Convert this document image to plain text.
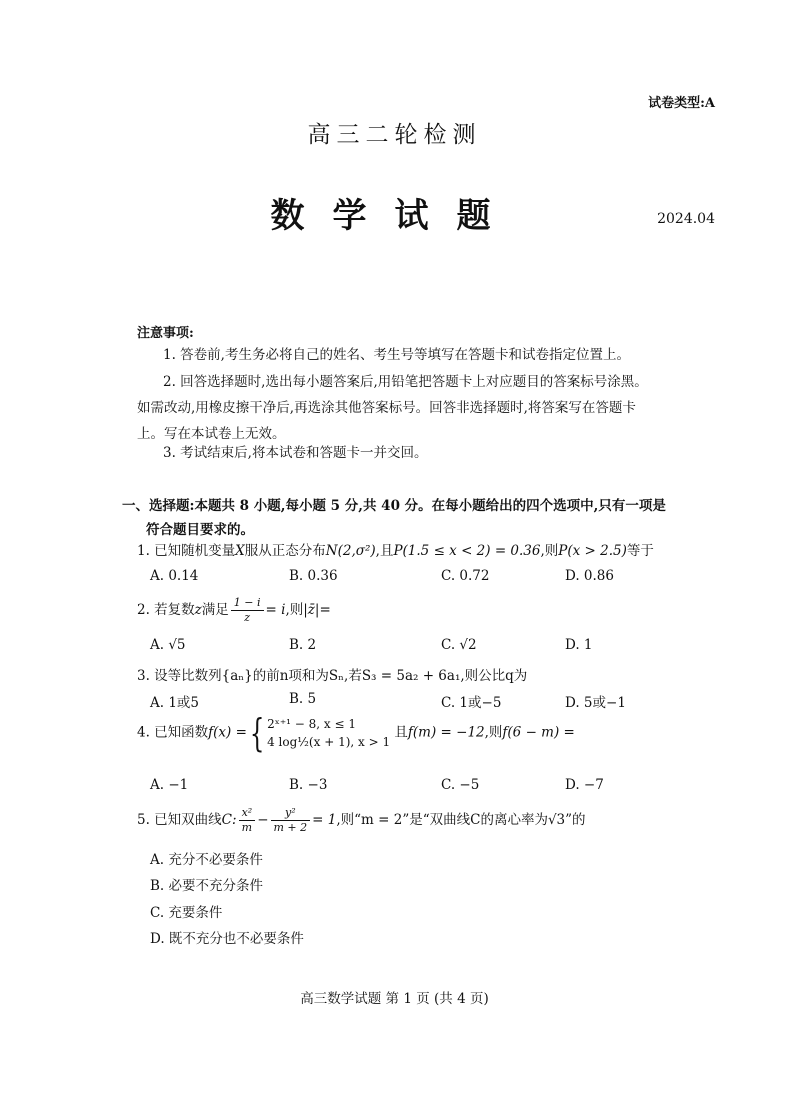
试卷类型:A
高三二轮检测
数学试题	2024.04
注意事项:
1. 答卷前,考生务必将自己的姓名、考生号等填写在答题卡和试卷指定位置上。
2. 回答选择题时,选出每小题答案后,用铅笔把答题卡上对应题目的答案标号涂黑。
如需改动,用橡皮擦干净后,再选涂其他答案标号。回答非选择题时,将答案写在答题卡
上。写在本试卷上无效。
3. 考试结束后,将本试卷和答题卡一并交回。
一、选择题:本题共 8 小题,每小题 5 分,共 40 分。在每小题给出的四个选项中,只有一项是
符合题目要求的。
1. 已知随机变量X服从正态分布N(2,σ²),且P(1.5 ≤ x < 2) = 0.36,则P(x > 2.5)等于
A. 0.14	B. 0.36	C. 0.72	D. 0.86
2. 若复数z满足 $\frac{1 - i}{z} = i$,则|z̄|=
A. √5	B. 2	C. √2	D. 1
3. 设等比数列{aₙ}的前n项和为Sₙ,若S₃ = 5a₂ + 6a₁,则公比q为
A. 1或5	B. 5	C. 1或−5	D. 5或−1
4. 已知函数f(x) ={ 2ˣ⁺¹ − 8, x ≤ 1
4 log½(x + 1), x > 1 且f(m) = −12,则f(6 − m) =
A. −1	B. −3	C. −5	D. −7
5. 已知双曲线C: $\frac{\text{x²}}{m} - \frac{\text{y²}}{m + 2} = 1$,则“m = 2”是“双曲线C的离心率为√3”的
A. 充分不必要条件
B. 必要不充分条件
C. 充要条件
D. 既不充分也不必要条件
高三数学试题 第 1 页 (共 4 页)
